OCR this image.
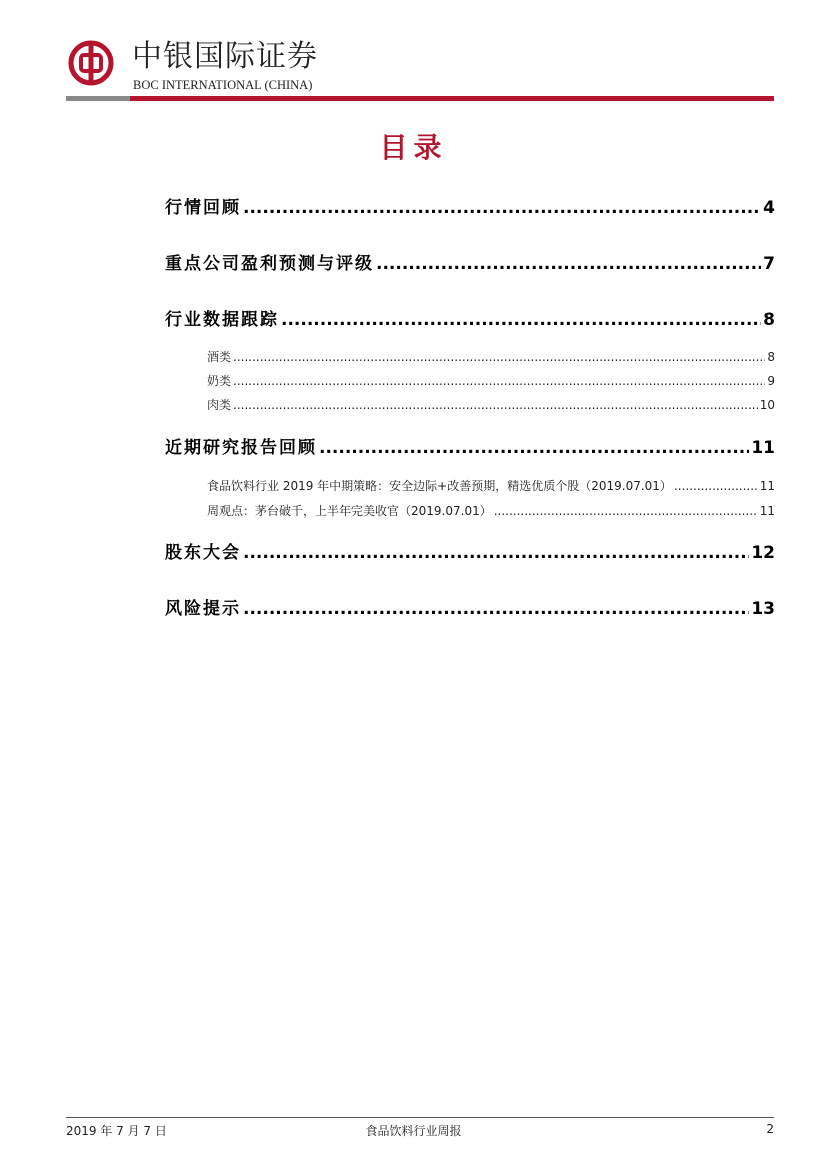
中银国际证券
BOC INTERNATIONAL (CHINA)
目录
行情回顾 .....	4
重点公司盈利预测与评级 .....	7
行业数据跟踪 .....	8
酒类 .....	8
奶类 .....	9
肉类 .....	10
近期研究报告回顾 .....	11
食品饮料行业 2019 年中期策略：安全边际+改善预期，精选优质个股（2019.07.01） .....	11
周观点：茅台破千，上半年完美收官（2019.07.01） .....	11
股东大会 .....	12
风险提示 .....	13
2019 年 7 月 7 日	食品饮料行业周报	2
